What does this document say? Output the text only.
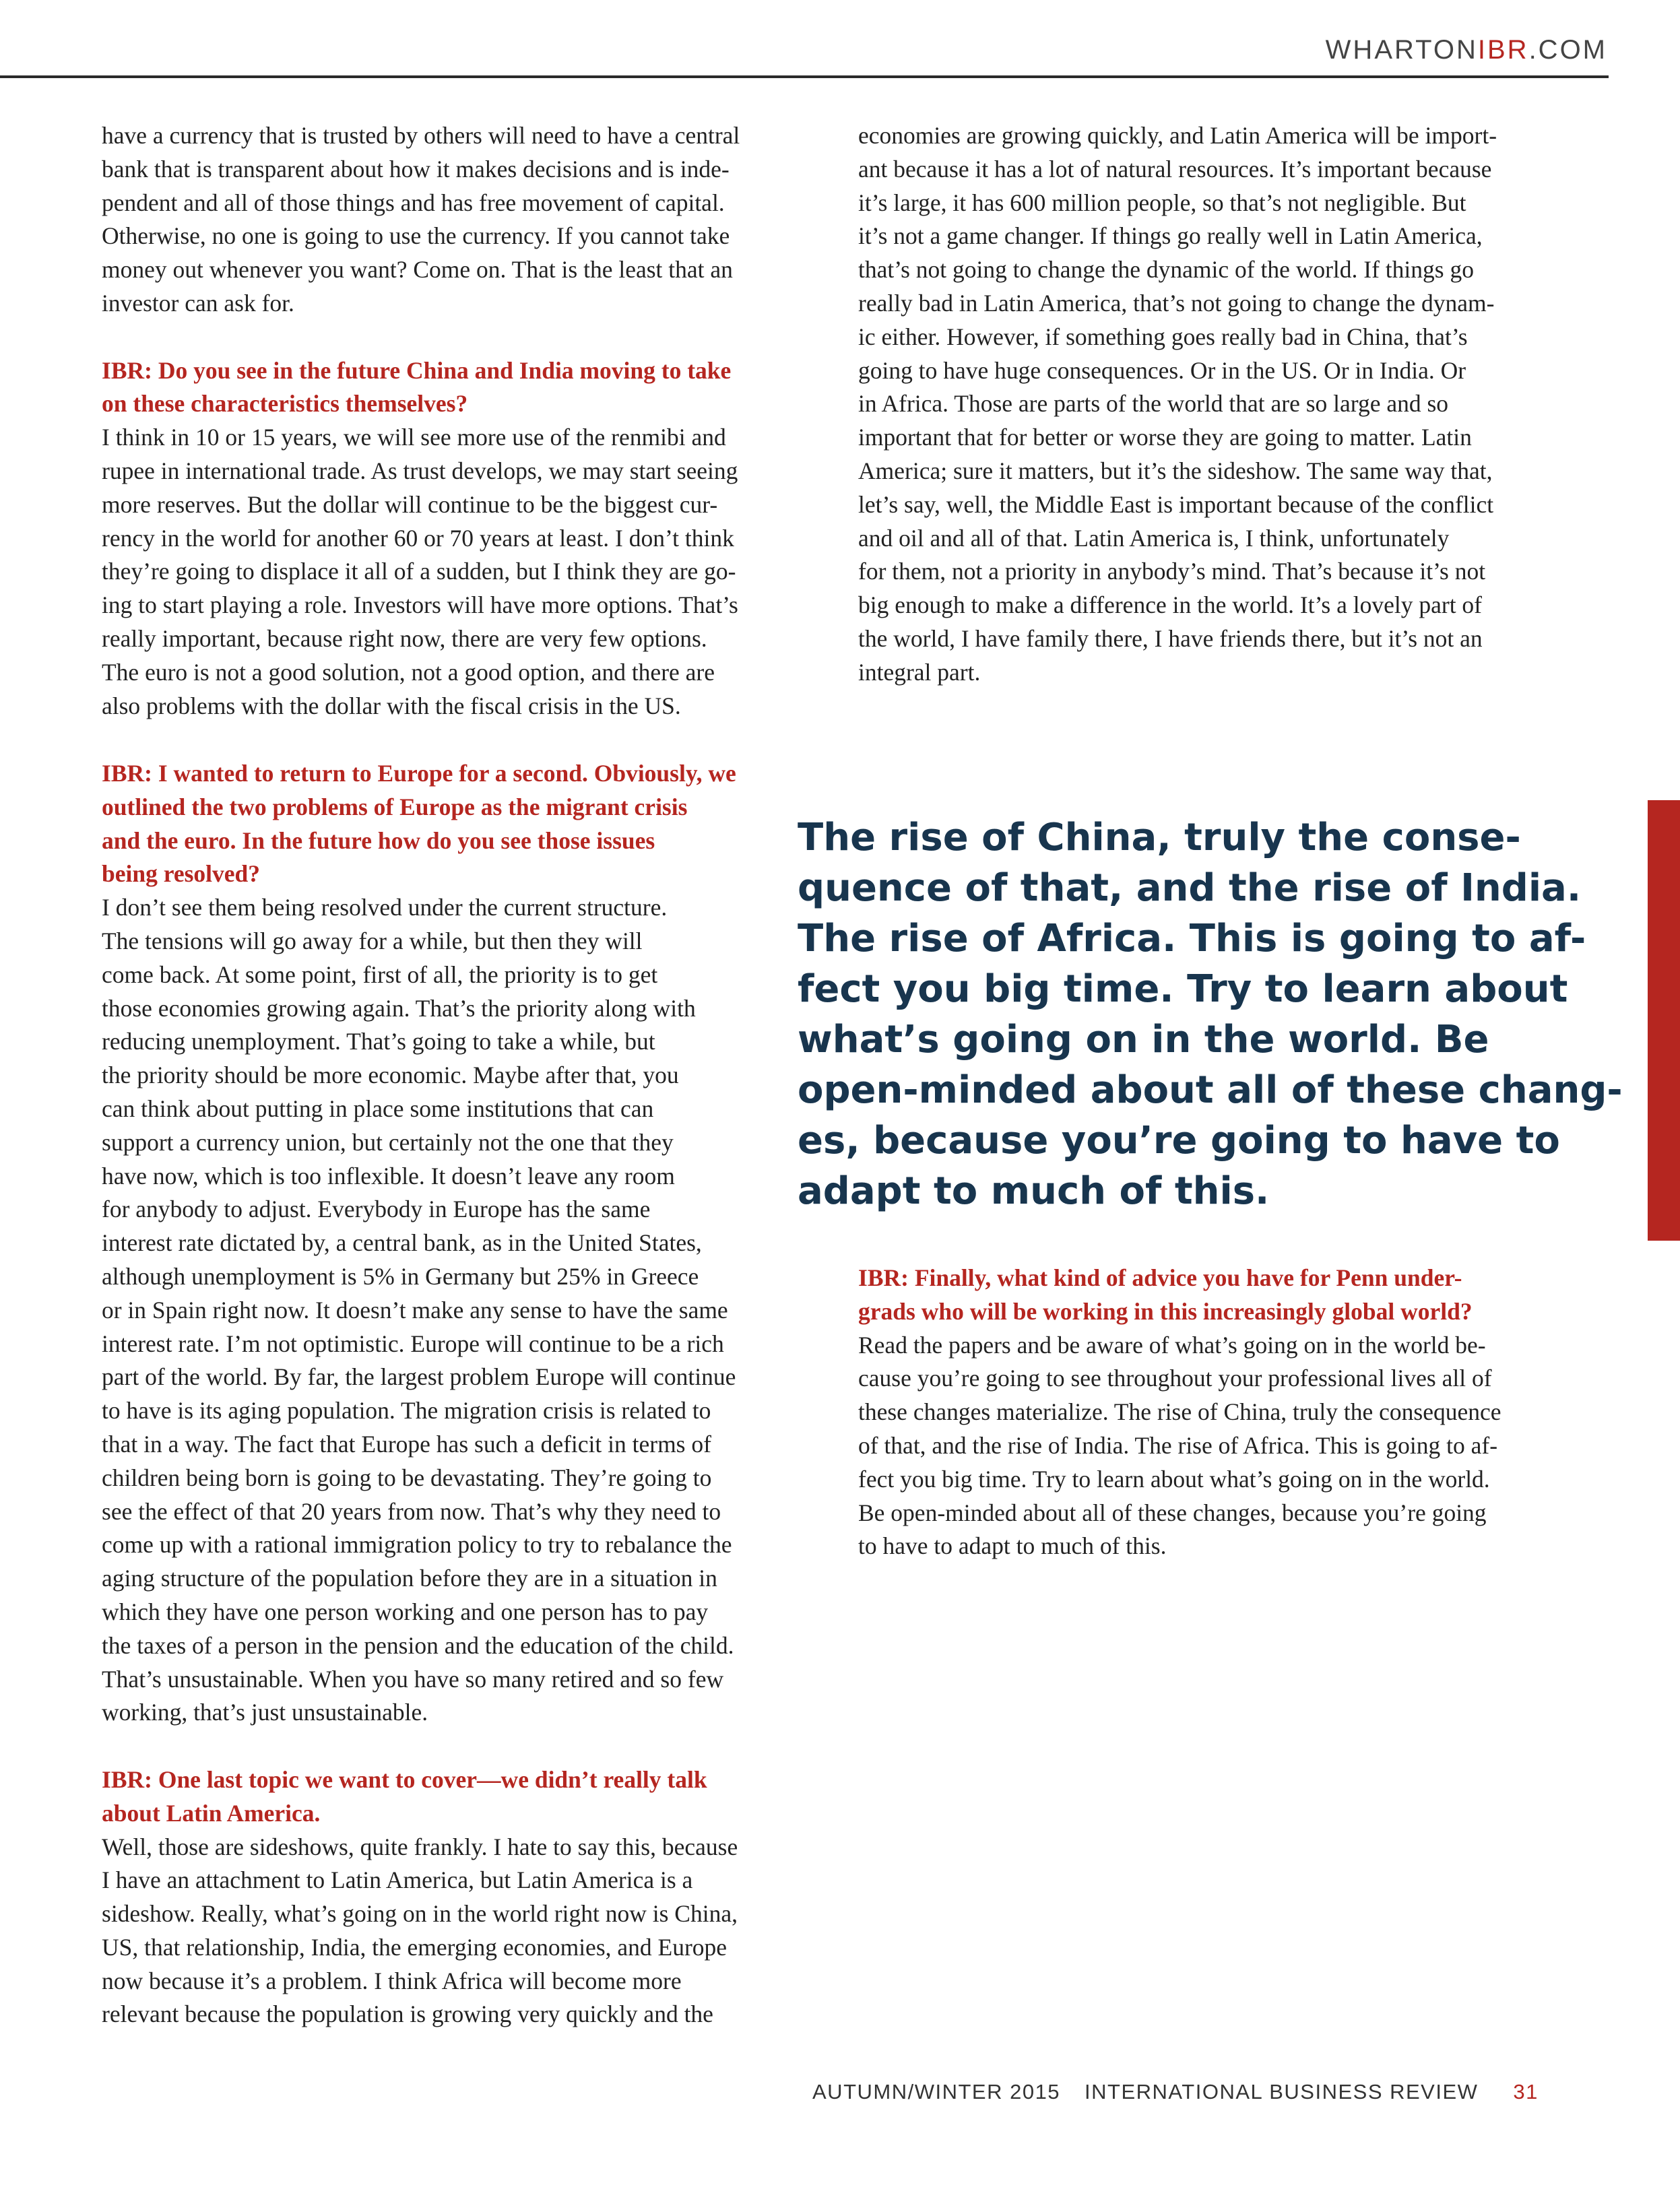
WHARTONIBR.COM
have a currency that is trusted by others will need to have a central
bank that is transparent about how it makes decisions and is inde-
pendent and all of those things and has free movement of capital.
Otherwise, no one is going to use the currency. If you cannot take
money out whenever you want? Come on. That is the least that an
investor can ask for.
IBR: Do you see in the future China and India moving to take
on these characteristics themselves?
I think in 10 or 15 years, we will see more use of the renmibi and
rupee in international trade. As trust develops, we may start seeing
more reserves. But the dollar will continue to be the biggest cur-
rency in the world for another 60 or 70 years at least. I don’t think
they’re going to displace it all of a sudden, but I think they are go-
ing to start playing a role. Investors will have more options. That’s
really important, because right now, there are very few options.
The euro is not a good solution, not a good option, and there are
also problems with the dollar with the fiscal crisis in the US.
IBR: I wanted to return to Europe for a second. Obviously, we
outlined the two problems of Europe as the migrant crisis
and the euro. In the future how do you see those issues
being resolved?
I don’t see them being resolved under the current structure.
The tensions will go away for a while, but then they will
come back. At some point, first of all, the priority is to get
those economies growing again. That’s the priority along with
reducing unemployment. That’s going to take a while, but
the priority should be more economic. Maybe after that, you
can think about putting in place some institutions that can
support a currency union, but certainly not the one that they
have now, which is too inflexible. It doesn’t leave any room
for anybody to adjust. Everybody in Europe has the same
interest rate dictated by, a central bank, as in the United States,
although unemployment is 5% in Germany but 25% in Greece
or in Spain right now. It doesn’t make any sense to have the same
interest rate. I’m not optimistic. Europe will continue to be a rich
part of the world. By far, the largest problem Europe will continue
to have is its aging population. The migration crisis is related to
that in a way. The fact that Europe has such a deficit in terms of
children being born is going to be devastating. They’re going to
see the effect of that 20 years from now. That’s why they need to
come up with a rational immigration policy to try to rebalance the
aging structure of the population before they are in a situation in
which they have one person working and one person has to pay
the taxes of a person in the pension and the education of the child.
That’s unsustainable. When you have so many retired and so few
working, that’s just unsustainable.
IBR: One last topic we want to cover—we didn’t really talk
about Latin America.
Well, those are sideshows, quite frankly. I hate to say this, because
I have an attachment to Latin America, but Latin America is a
sideshow. Really, what’s going on in the world right now is China,
US, that relationship, India, the emerging economies, and Europe
now because it’s a problem. I think Africa will become more
relevant because the population is growing very quickly and the
economies are growing quickly, and Latin America will be import-
ant because it has a lot of natural resources. It’s important because
it’s large, it has 600 million people, so that’s not negligible. But
it’s not a game changer. If things go really well in Latin America,
that’s not going to change the dynamic of the world. If things go
really bad in Latin America, that’s not going to change the dynam-
ic either. However, if something goes really bad in China, that’s
going to have huge consequences. Or in the US. Or in India. Or
in Africa. Those are parts of the world that are so large and so
important that for better or worse they are going to matter. Latin
America; sure it matters, but it’s the sideshow. The same way that,
let’s say, well, the Middle East is important because of the conflict
and oil and all of that. Latin America is, I think, unfortunately
for them, not a priority in anybody’s mind. That’s because it’s not
big enough to make a difference in the world. It’s a lovely part of
the world, I have family there, I have friends there, but it’s not an
integral part.
IBR: Finally, what kind of advice you have for Penn under-
grads who will be working in this increasingly global world?
Read the papers and be aware of what’s going on in the world be-
cause you’re going to see throughout your professional lives all of
these changes materialize. The rise of China, truly the consequence
of that, and the rise of India. The rise of Africa. This is going to af-
fect you big time. Try to learn about what’s going on in the world.
Be open-minded about all of these changes, because you’re going
to have to adapt to much of this.
The rise of China, truly the conse-
quence of that, and the rise of India.
The rise of Africa. This is going to af-
fect you big time. Try to learn about
what’s going on in the world. Be
open-minded about all of these chang-
es, because you’re going to have to
adapt to much of this.
AUTUMN/WINTER 2015 INTERNATIONAL BUSINESS REVIEW 31
